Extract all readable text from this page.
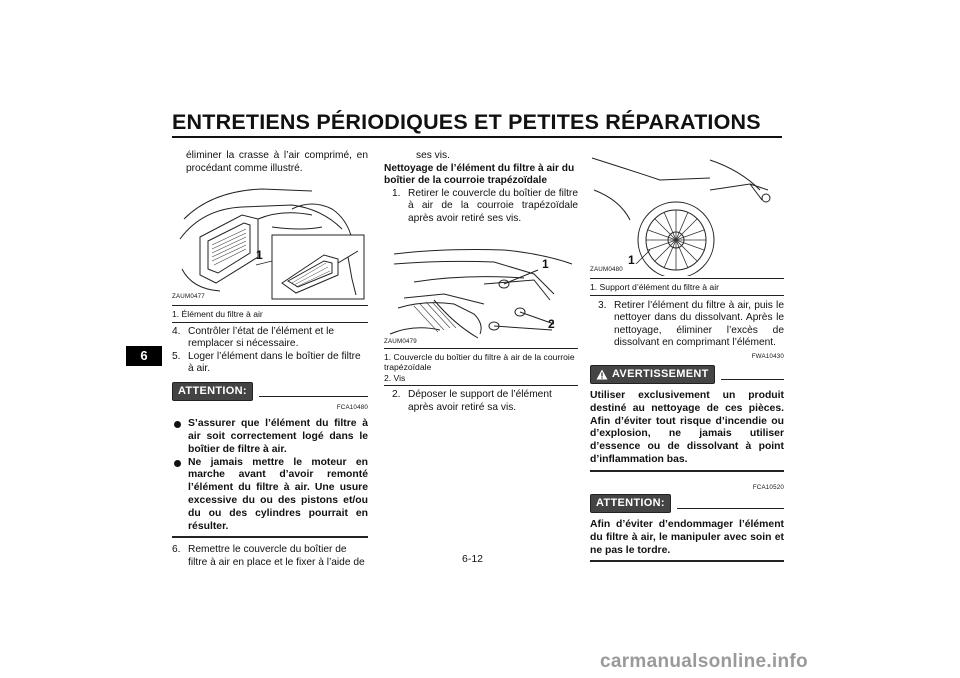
ENTRETIENS PÉRIODIQUES ET PETITES RÉPARATIONS
6

éliminer la crasse à l’air comprimé, en procédant comme illustré.

1
ZAUM0477

1. Élément du filtre à air

4. Contrôler l’état de l’élément et le remplacer si nécessaire.

5. Loger l’élément dans le boîtier de filtre à air.

ATTENTION:
FCA10480

S’assurer que l’élément du filtre à air soit correctement logé dans le boîtier de filtre à air.

Ne jamais mettre le moteur en marche avant d’avoir remonté l’élément du filtre à air. Une usure excessive du ou des pistons et/ou du ou des cylindres pourrait en résulter.

6. Remettre le couvercle du boîtier de filtre à air en place et le fixer à l’aide de

ses vis.

Nettoyage de l’élément du filtre à air du boîtier de la courroie trapézoïdale

1. Retirer le couvercle du boîtier de filtre à air de la courroie trapézoïdale après avoir retiré ses vis.

1
2
ZAUM0479

1. Couvercle du boîtier du filtre à air de la courroie trapézoïdale

2. Vis

2. Déposer le support de l’élément après avoir retiré sa vis.

1
ZAUM0480

1. Support d’élément du filtre à air

3. Retirer l’élément du filtre à air, puis le nettoyer dans du dissolvant. Après le nettoyage, éliminer l’excès de dissolvant en comprimant l’élément.

FWA10430
AVERTISSEMENT

Utiliser exclusivement un produit destiné au nettoyage de ces pièces. Afin d’éviter tout risque d’incendie ou d’explosion, ne jamais utiliser d’essence ou de dissolvant à point d’inflammation bas.

FCA10520
ATTENTION:

Afin d’éviter d’endommager l’élément du filtre à air, le manipuler avec soin et ne pas le tordre.

6-12
carmanualsonline.info
